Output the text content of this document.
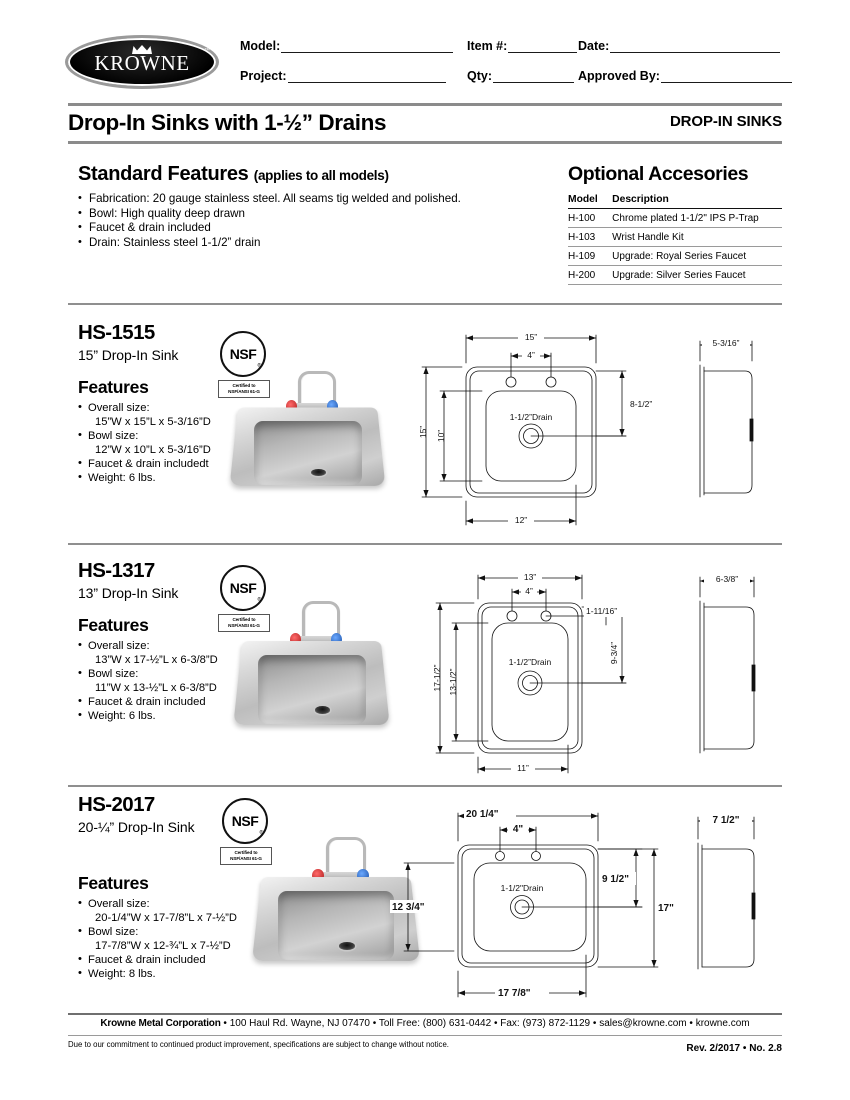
KROWNE	™ Model:	Item #:	Date:
Project:	Qty:	Approved By:
Drop-In Sinks with 1-½” Drains	DROP-IN SINKS
Standard Features (applies to all models)
• Fabrication: 20 gauge stainless steel. All seams tig welded and polished.
• Bowl: High quality deep drawn
• Faucet & drain included
• Drain: Stainless steel 1-1/2” drain
Optional Accesories
Model	Description
H-100	Chrome plated 1-1/2" IPS P-Trap
H-103	Wrist Handle Kit
H-109	Upgrade: Royal Series Faucet
H-200	Upgrade: Silver Series Faucet

HS-1515

15” Drop-In Sink

Features

• Overall size:
15”W x 15”L x 5-3/16”D
• Bowl size:
12”W x 10”L x 5-3/16”D
• Faucet & drain includedt
• Weight: 6 lbs.
NSF
®
Certified to
NSF/ANSI 61-G
15”
4”
15” 10”
12”
8-1/2”
1-1/2”Drain
5-3/16”

HS-1317

13” Drop-In Sink

Features

• Overall size:
13”W x 17-½”L x 6-3/8”D
• Bowl size:
11”W x 13-½”L x 6-3/8”D
• Faucet & drain included
• Weight: 6 lbs.
NSF
®
Certified to
NSF/ANSI 61-G
13”
4”
17-1/2” 13-1/2”
11”
9-3/4”
1-11/16”
1-1/2”Drain
6-3/8”

HS-2017

20-¼” Drop-In Sink

Features

• Overall size:
20-1/4”W x 17-7/8”L x 7-½”D
• Bowl size:
17-7/8”W x 12-¾”L x 7-½”D
• Faucet & drain included
• Weight: 8 lbs.
NSF
®
Certified to
NSF/ANSI 61-G
20 1/4"
4"
12 3/4"
17 7/8"
9 1/2"
17"
7 1/2"
1-1/2"Drain
Krowne Metal Corporation • 100 Haul Rd. Wayne, NJ 07470 • Toll Free: (800) 631-0442 • Fax: (973) 872-1129 • sales@krowne.com • krowne.com
Due to our commitment to continued product improvement, specifications are subject to change without notice.	Rev. 2/2017 • No. 2.8
